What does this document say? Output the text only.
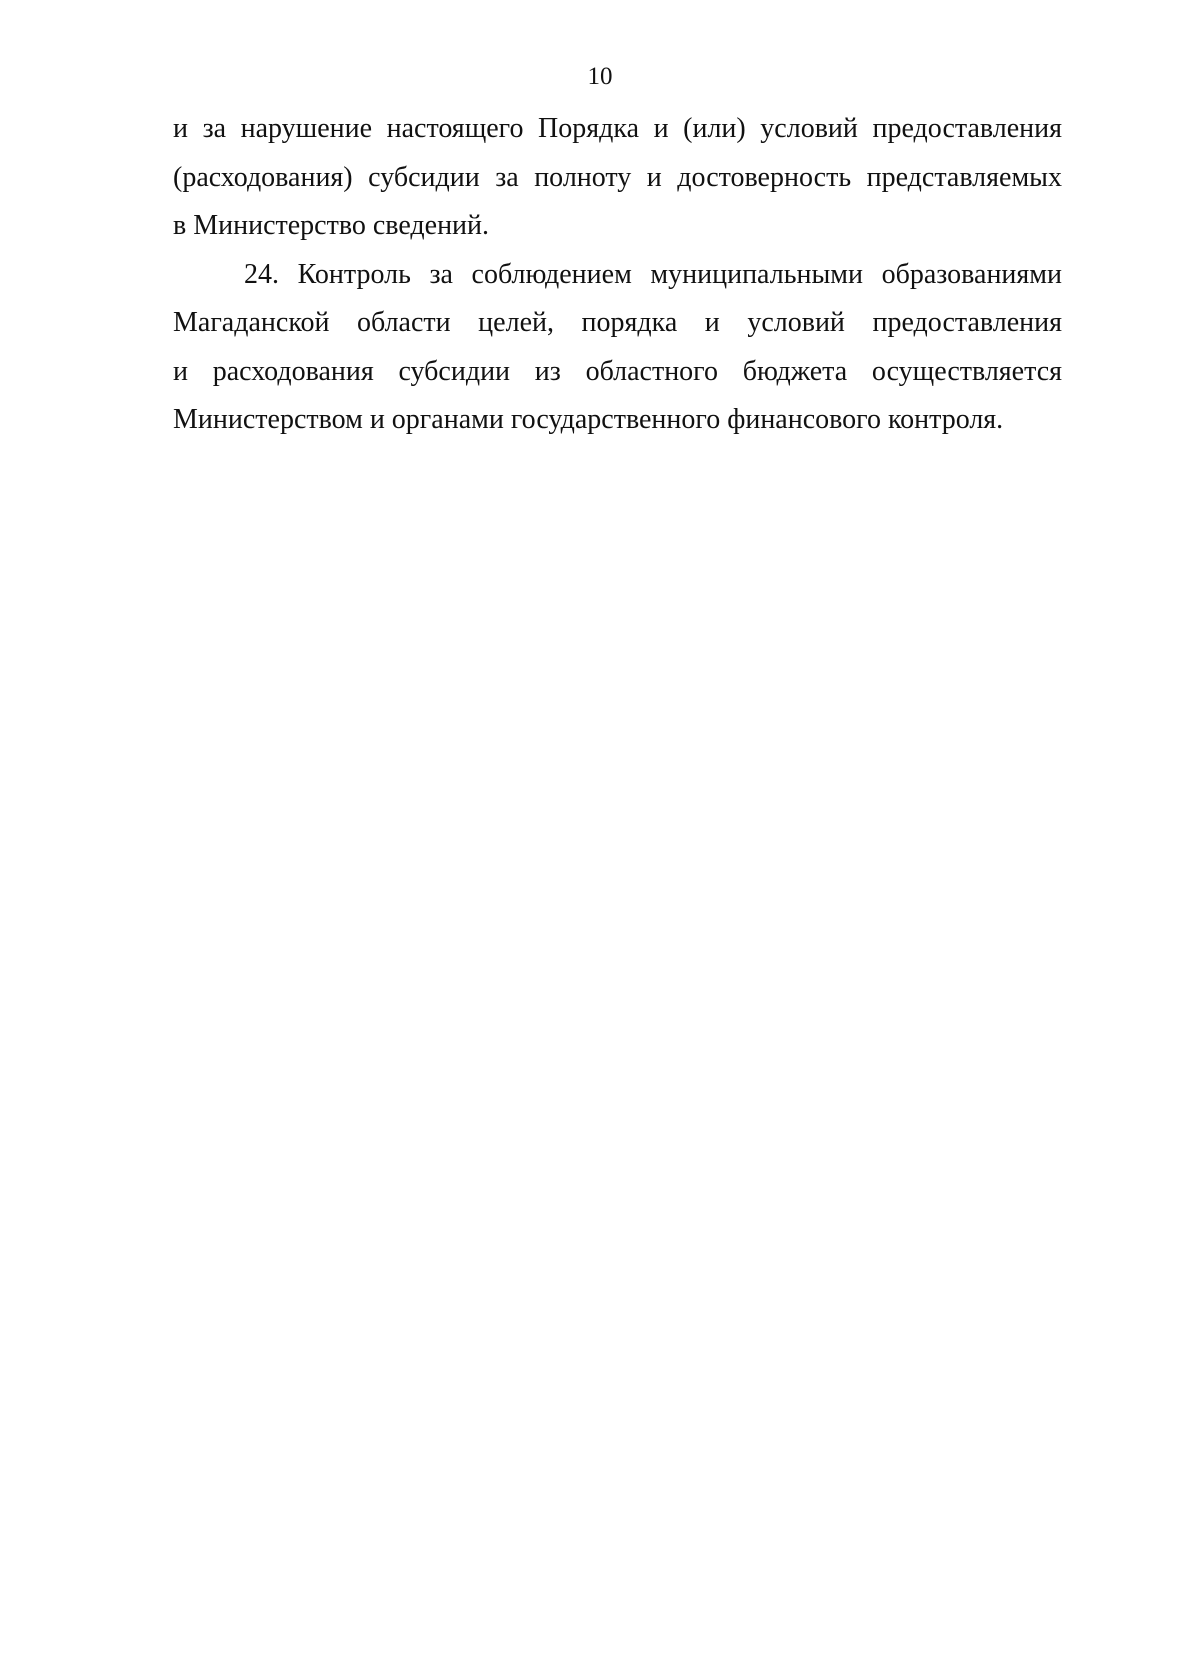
10
и за нарушение настоящего Порядка и (или) условий предоставления
(расходования) субсидии за полноту и достоверность представляемых
в Министерство сведений.
24. Контроль за соблюдением муниципальными образованиями
Магаданской области целей, порядка и условий предоставления
и расходования субсидии из областного бюджета осуществляется
Министерством и органами государственного финансового контроля.
